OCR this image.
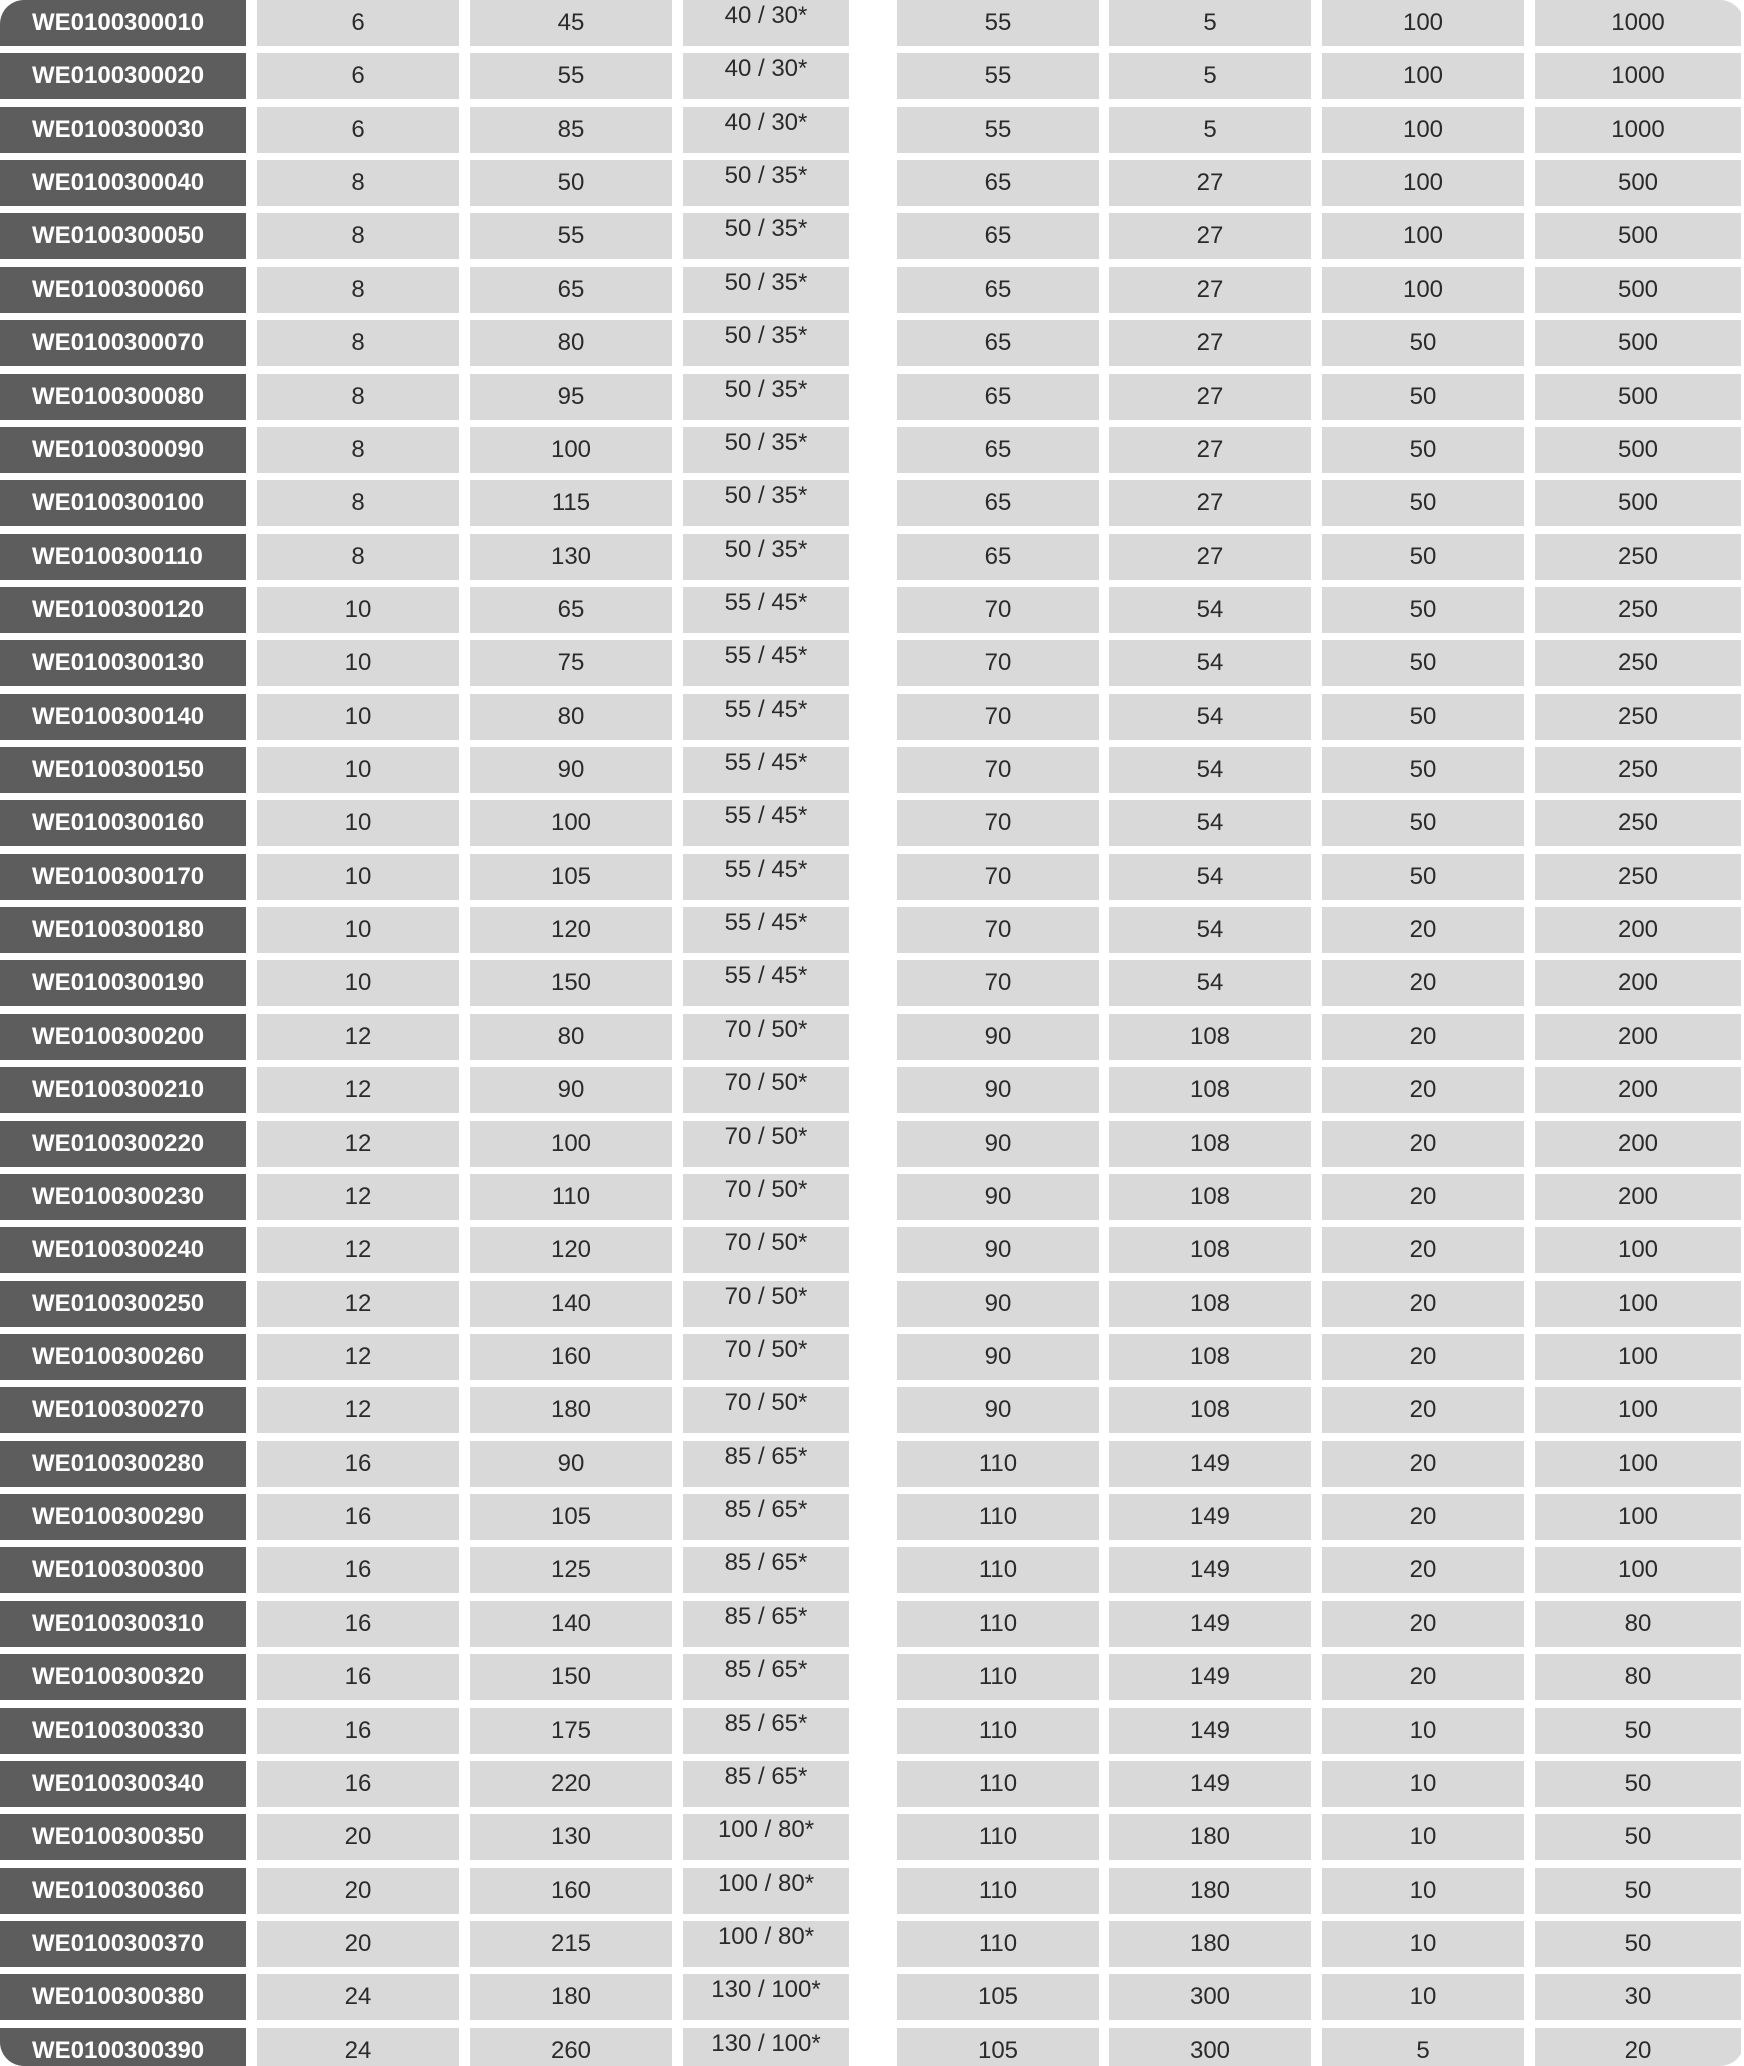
WE0100300010	6	45	40 / 30*	55	5	100	1000
WE0100300020	6	55	40 / 30*	55	5	100	1000
WE0100300030	6	85	40 / 30*	55	5	100	1000
WE0100300040	8	50	50 / 35*	65	27	100	500
WE0100300050	8	55	50 / 35*	65	27	100	500
WE0100300060	8	65	50 / 35*	65	27	100	500
WE0100300070	8	80	50 / 35*	65	27	50	500
WE0100300080	8	95	50 / 35*	65	27	50	500
WE0100300090	8	100	50 / 35*	65	27	50	500
WE0100300100	8	115	50 / 35*	65	27	50	500
WE0100300110	8	130	50 / 35*	65	27	50	250
WE0100300120	10	65	55 / 45*	70	54	50	250
WE0100300130	10	75	55 / 45*	70	54	50	250
WE0100300140	10	80	55 / 45*	70	54	50	250
WE0100300150	10	90	55 / 45*	70	54	50	250
WE0100300160	10	100	55 / 45*	70	54	50	250
WE0100300170	10	105	55 / 45*	70	54	50	250
WE0100300180	10	120	55 / 45*	70	54	20	200
WE0100300190	10	150	55 / 45*	70	54	20	200
WE0100300200	12	80	70 / 50*	90	108	20	200
WE0100300210	12	90	70 / 50*	90	108	20	200
WE0100300220	12	100	70 / 50*	90	108	20	200
WE0100300230	12	110	70 / 50*	90	108	20	200
WE0100300240	12	120	70 / 50*	90	108	20	100
WE0100300250	12	140	70 / 50*	90	108	20	100
WE0100300260	12	160	70 / 50*	90	108	20	100
WE0100300270	12	180	70 / 50*	90	108	20	100
WE0100300280	16	90	85 / 65*	110	149	20	100
WE0100300290	16	105	85 / 65*	110	149	20	100
WE0100300300	16	125	85 / 65*	110	149	20	100
WE0100300310	16	140	85 / 65*	110	149	20	80
WE0100300320	16	150	85 / 65*	110	149	20	80
WE0100300330	16	175	85 / 65*	110	149	10	50
WE0100300340	16	220	85 / 65*	110	149	10	50
WE0100300350	20	130	100 / 80*	110	180	10	50
WE0100300360	20	160	100 / 80*	110	180	10	50
WE0100300370	20	215	100 / 80*	110	180	10	50
WE0100300380	24	180	130 / 100*	105	300	10	30
WE0100300390	24	260	130 / 100*	105	300	5	20
